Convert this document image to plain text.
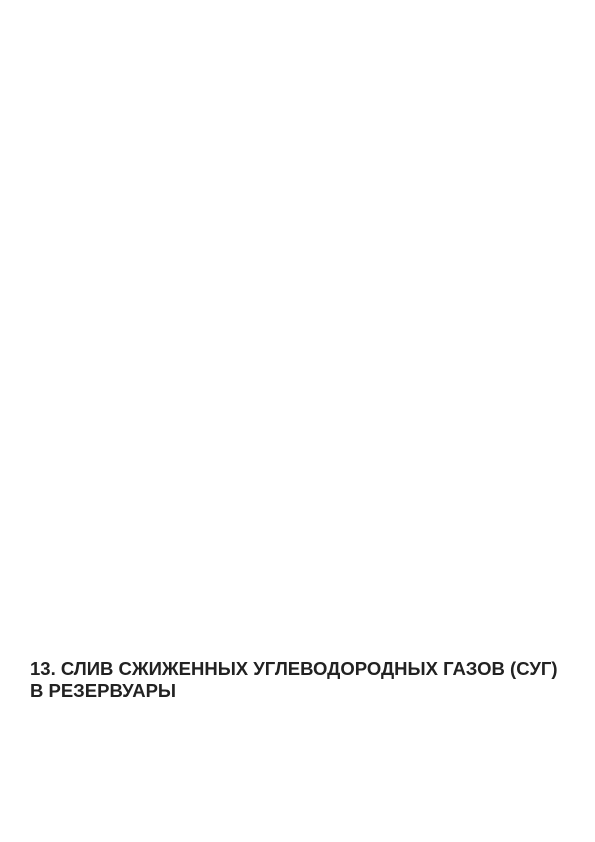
13. СЛИВ СЖИЖЕННЫХ УГЛЕВОДОРОДНЫХ ГАЗОВ (СУГ) В РЕЗЕРВУАРЫ
